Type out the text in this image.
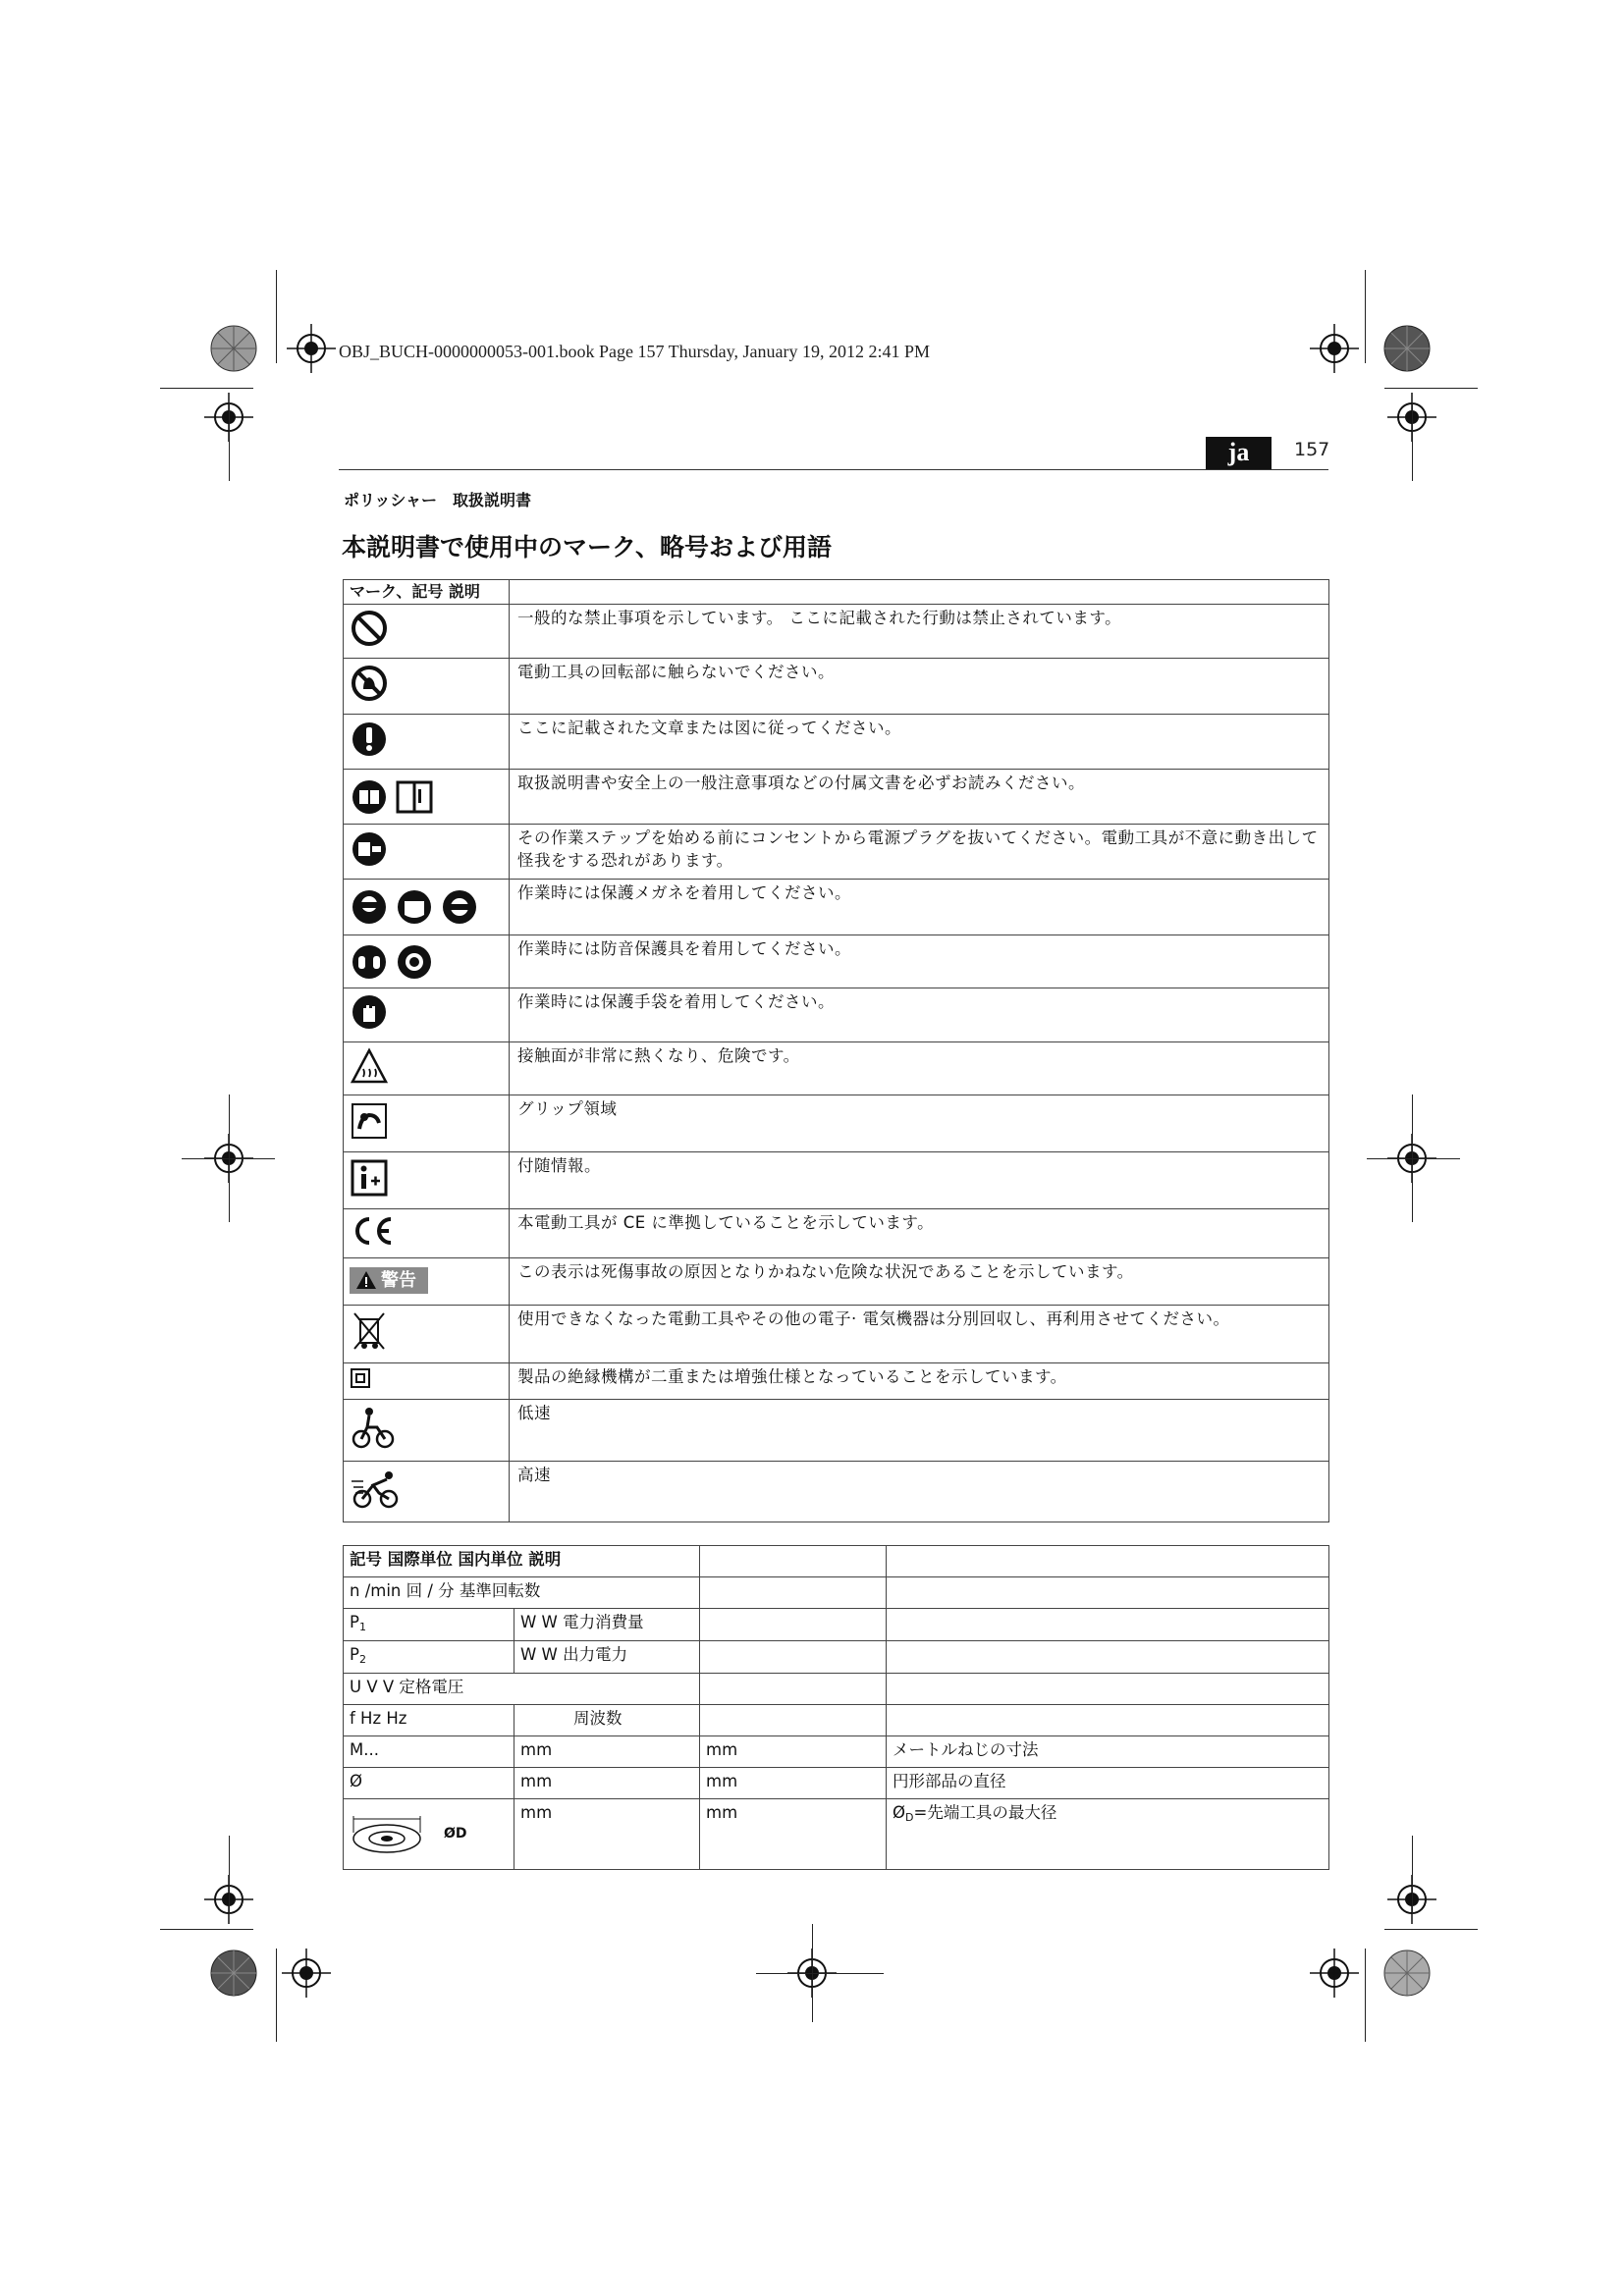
OBJ_BUCH-0000000053-001.book Page 157 Thursday, January 19, 2012 2:41 PM
ja	157
ポリッシャー　取扱説明書
本説明書で使用中のマーク、略号および用語
マーク、記号 説明	
	一般的な禁止事項を示しています。 ここに記載された行動は禁止されています。
	電動工具の回転部に触らないでください。
	ここに記載された文章または図に従ってください。

	取扱説明書や安全上の一般注意事項などの付属文書を必ずお読みください。
	その作業ステップを始める前にコンセントから電源プラグを抜いてください。電動工具が不意に動き出して怪我をする恐れがあります。

	作業時には保護メガネを着用してください。

	作業時には防音保護具を着用してください。
	作業時には保護手袋を着用してください。
	接触面が非常に熱くなり、危険です。
	グリップ領域
	付随情報。
	本電動工具が CE に準拠していることを示しています。

警告	この表示は死傷事故の原因となりかねない危険な状況であることを示しています。
	使用できなくなった電動工具やその他の電子· 電気機器は分別回収し、再利用させてください。
	製品の絶縁機構が二重または増強仕様となっていることを示しています。
	低速
	高速
記号 国際単位 国内単位 説明			
n /min 回 / 分 基準回転数			
$P_1$	W W 電力消費量		
$P_2$	W W 出力電力		
U V V 定格電圧			
f Hz Hz	周波数		
M...	mm	mm	メートルねじの寸法
Ø	mm	mm	円形部品の直径

ØD	mm	mm	$Ø_D=$先端工具の最大径
